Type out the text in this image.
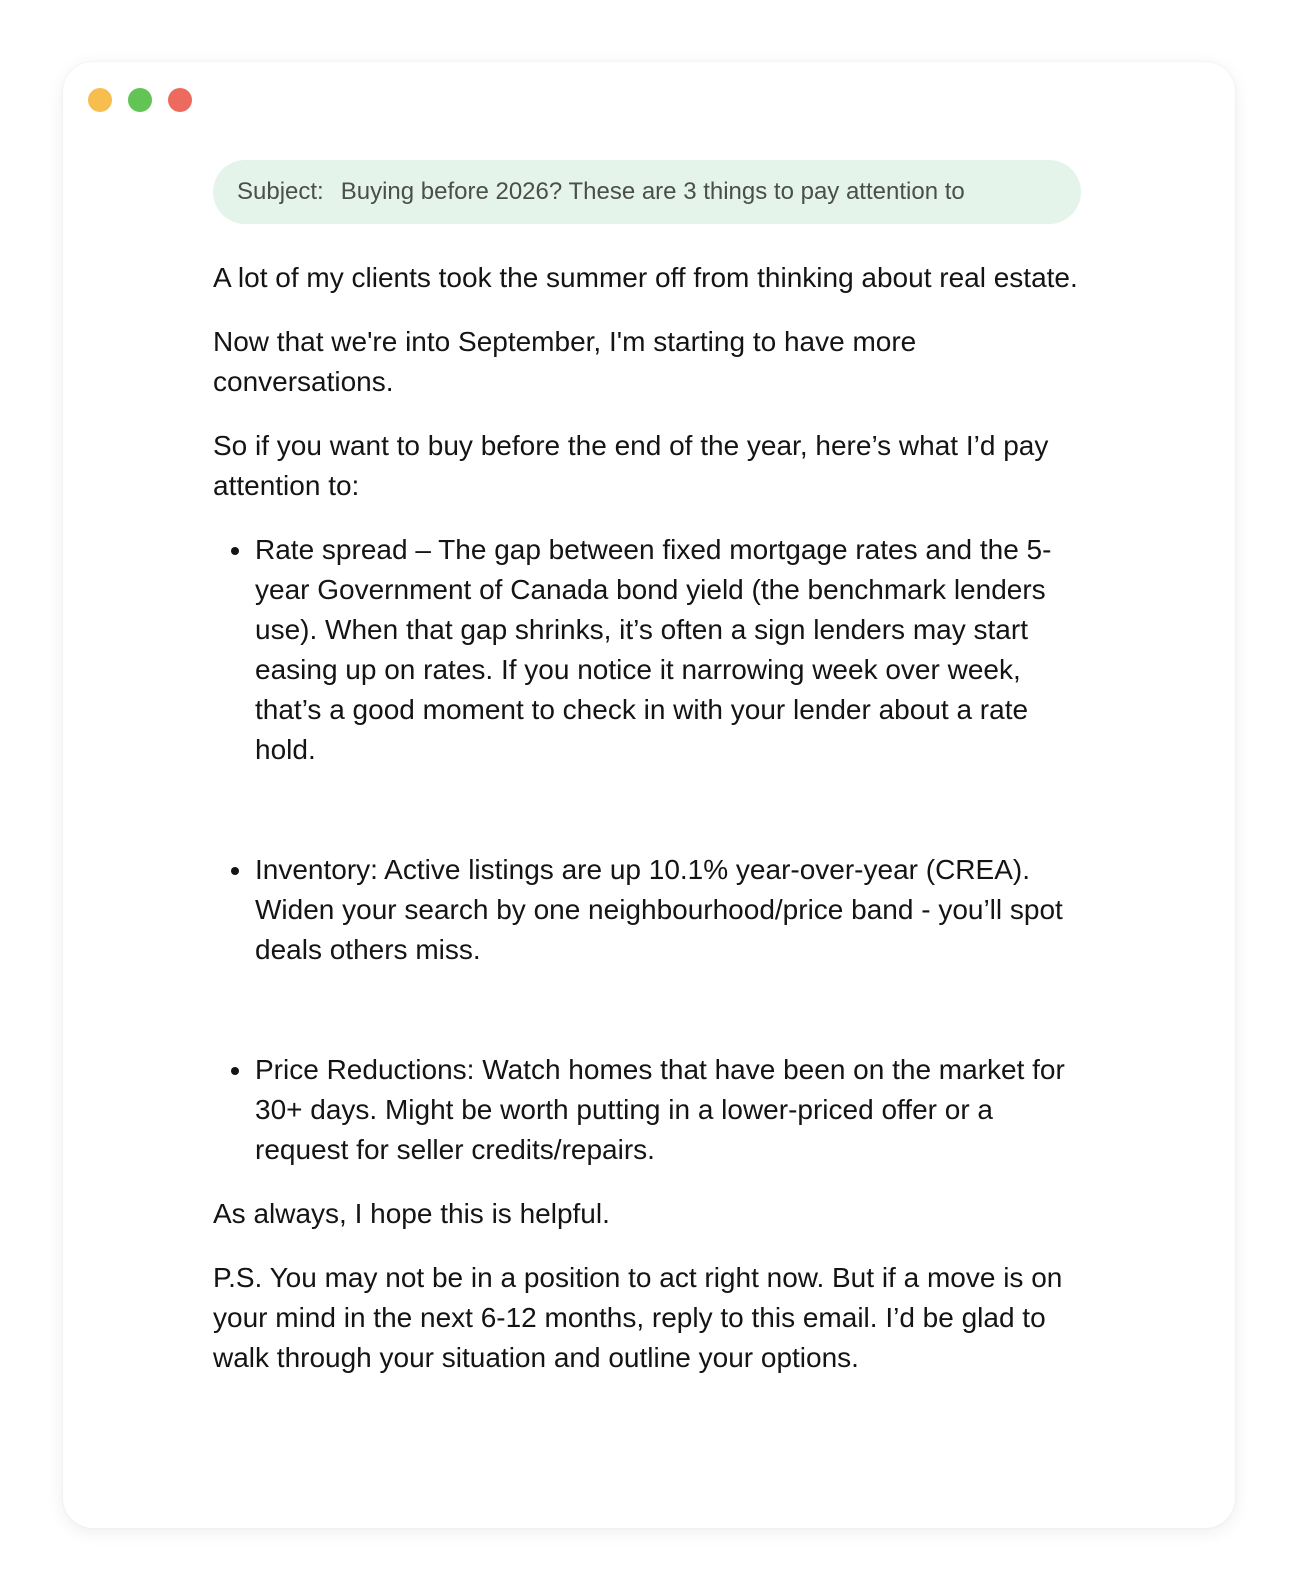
Subject: Buying before 2026? These are 3 things to pay attention to

A lot of my clients took the summer off from thinking about real estate.

Now that we're into September, I'm starting to have more conversations.

So if you want to buy before the end of the year, here’s what I’d pay attention to:

Rate spread – The gap between fixed mortgage rates and the 5-year Government of Canada bond yield (the benchmark lenders use). When that gap shrinks, it’s often a sign lenders may start easing up on rates. If you notice it narrowing week over week, that’s a good moment to check in with your lender about a rate hold.
Inventory: Active listings are up 10.1% year-over-year (CREA). Widen your search by one neighbourhood/price band - you’ll spot deals others miss.
Price Reductions: Watch homes that have been on the market for 30+ days. Might be worth putting in a lower-priced offer or a request for seller credits/repairs.

As always, I hope this is helpful.

P.S. You may not be in a position to act right now. But if a move is on your mind in the next 6-12 months, reply to this email. I’d be glad to walk through your situation and outline your options.
